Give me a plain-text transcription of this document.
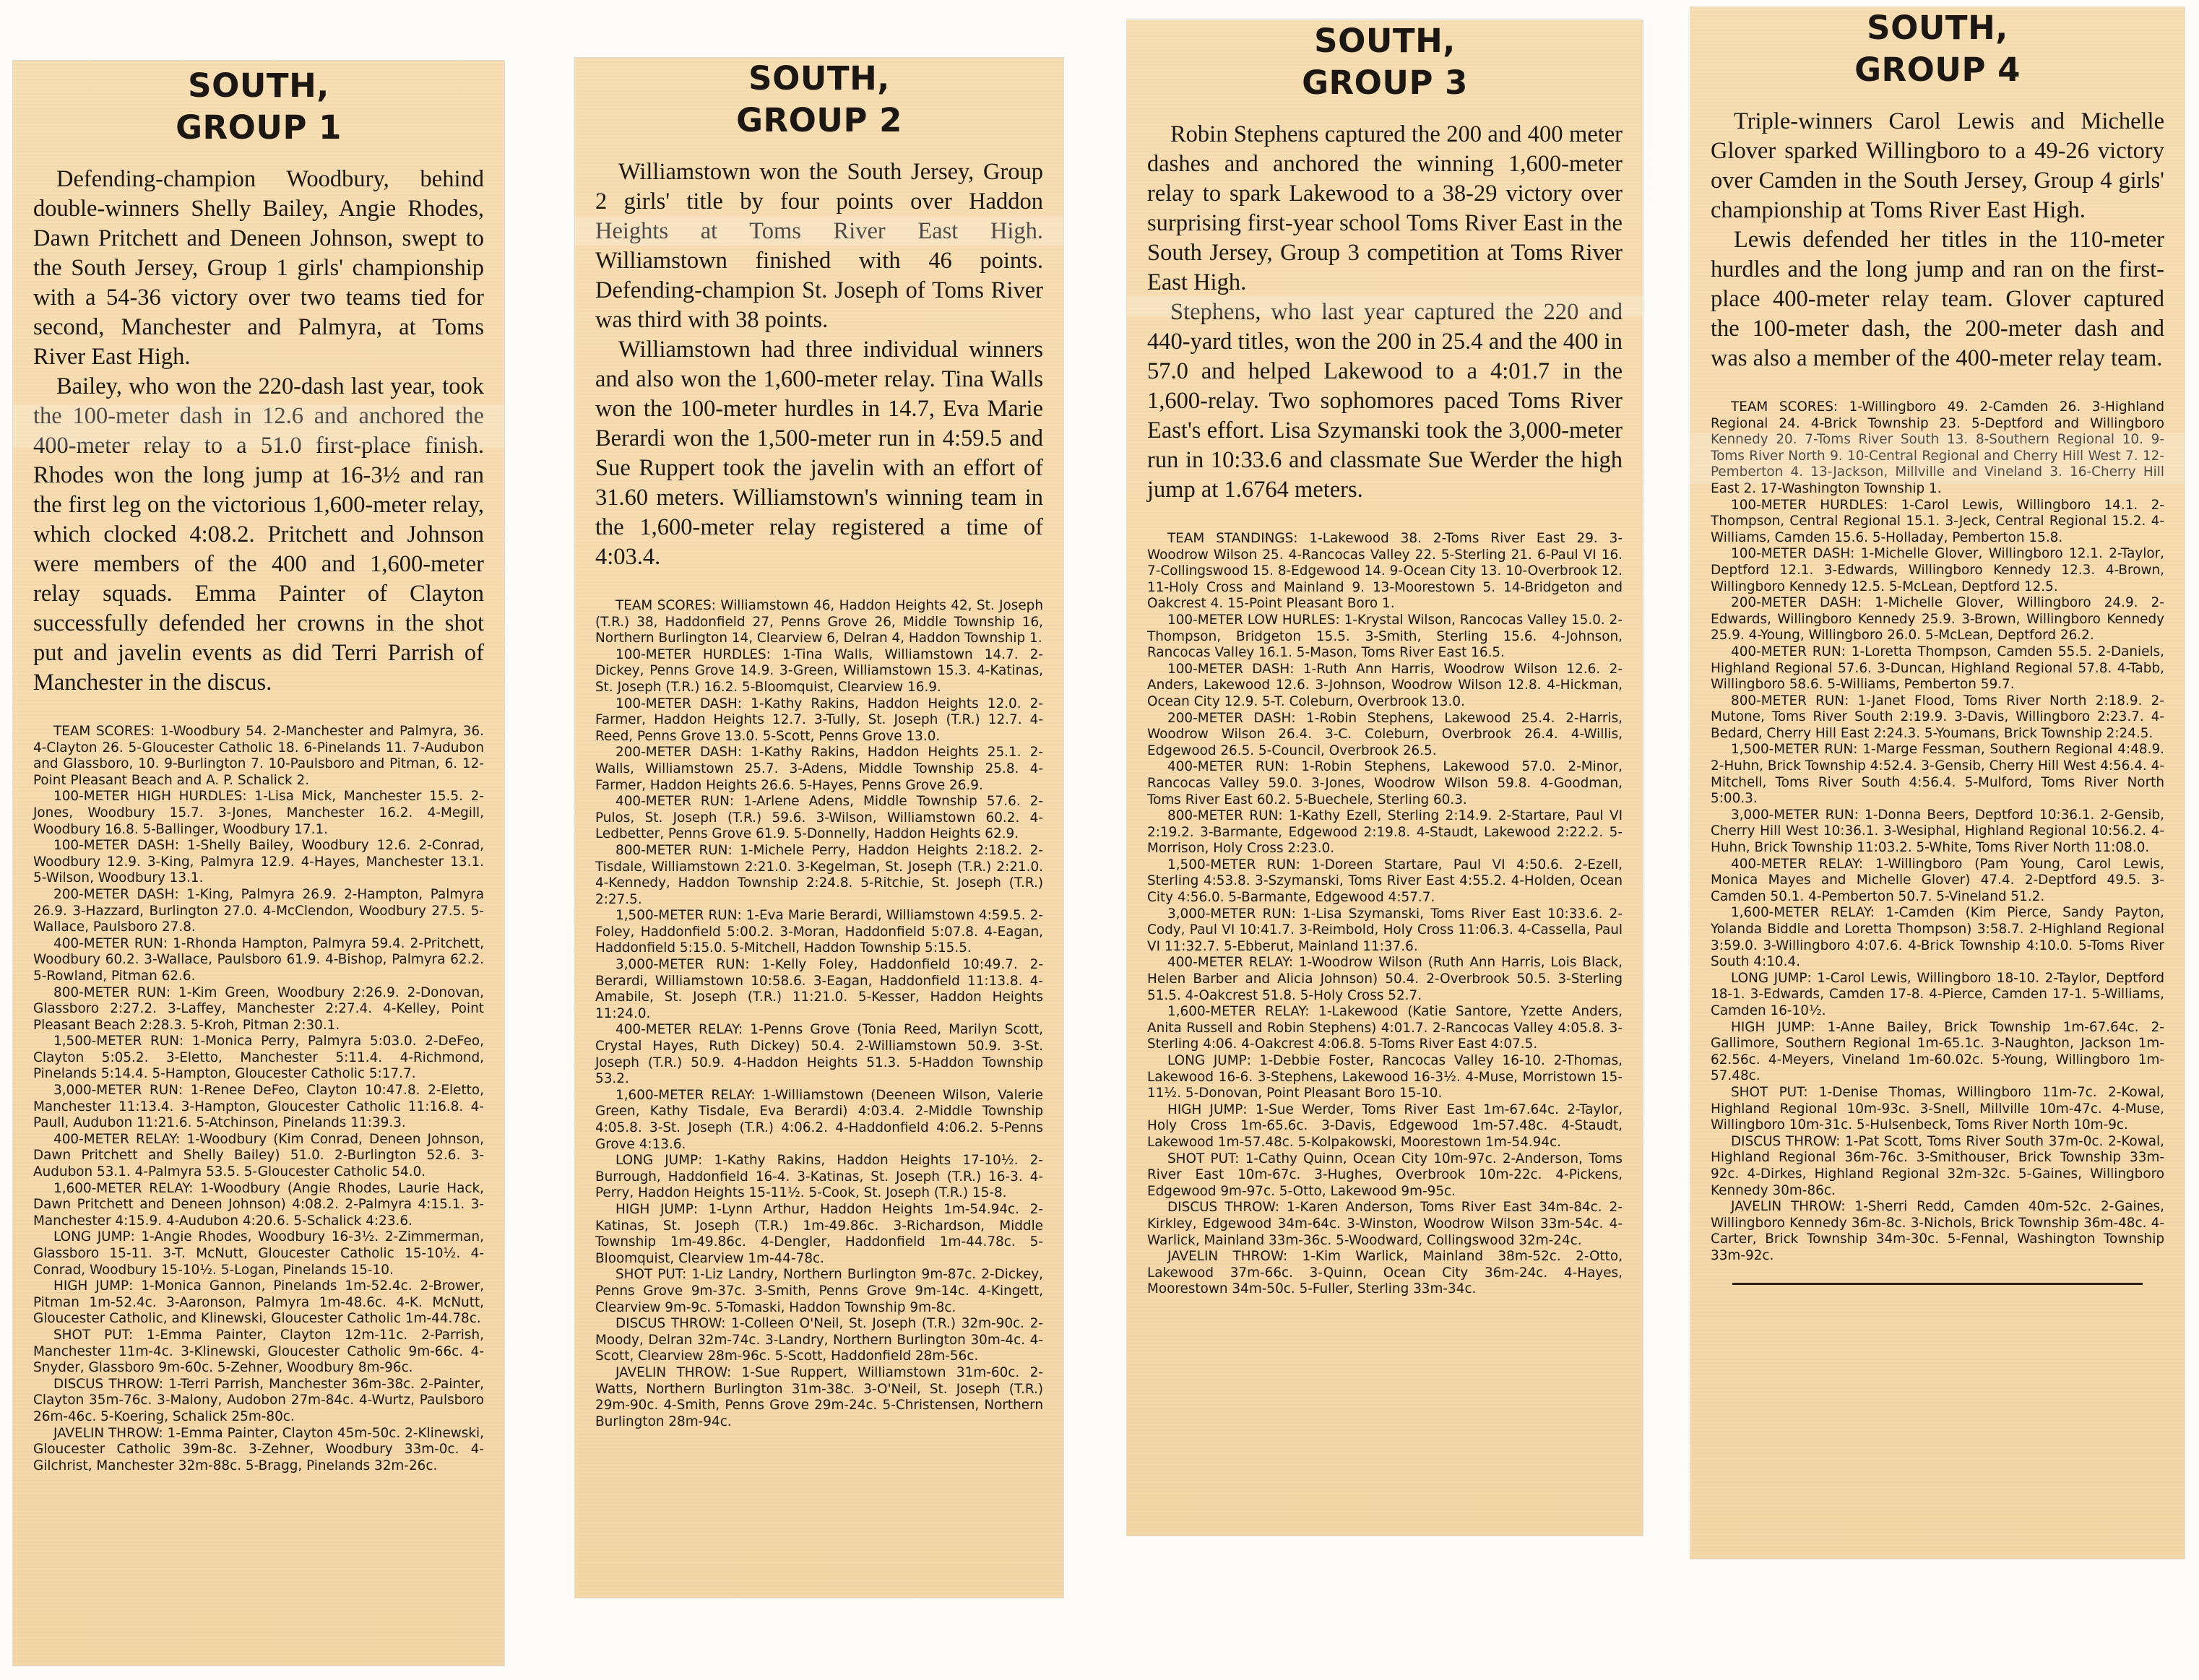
SOUTH,
GROUP 1

Defending-champion Woodbury, behind double-winners Shelly Bailey, Angie Rhodes, Dawn Pritchett and Deneen Johnson, swept to the South Jersey, Group 1 girls' championship with a 54-36 victory over two teams tied for second, Manchester and Palmyra, at Toms River East High.

Bailey, who won the 220-dash last year, took the 100-meter dash in 12.6 and anchored the 400-meter relay to a 51.0 first-place finish. Rhodes won the long jump at 16-3½ and ran the first leg on the victorious 1,600-meter relay, which clocked 4:08.2. Pritchett and Johnson were members of the 400 and 1,600-meter relay squads. Emma Painter of Clayton successfully defended her crowns in the shot put and javelin events as did Terri Parrish of Manchester in the discus.

TEAM SCORES: 1-Woodbury 54. 2-Manchester and Palmyra, 36. 4-Clayton 26. 5-Gloucester Catholic 18. 6-Pinelands 11. 7-Audubon and Glassboro, 10. 9-Burlington 7. 10-Paulsboro and Pitman, 6. 12-Point Pleasant Beach and A. P. Schalick 2.

100-METER HIGH HURDLES: 1-Lisa Mick, Manchester 15.5. 2-Jones, Woodbury 15.7. 3-Jones, Manchester 16.2. 4-Megill, Woodbury 16.8. 5-Ballinger, Woodbury 17.1.

100-METER DASH: 1-Shelly Bailey, Woodbury 12.6. 2-Conrad, Woodbury 12.9. 3-King, Palmyra 12.9. 4-Hayes, Manchester 13.1. 5-Wilson, Woodbury 13.1.

200-METER DASH: 1-King, Palmyra 26.9. 2-Hampton, Palmyra 26.9. 3-Hazzard, Burlington 27.0. 4-McClendon, Woodbury 27.5. 5-Wallace, Paulsboro 27.8.

400-METER RUN: 1-Rhonda Hampton, Palmyra 59.4. 2-Pritchett, Woodbury 60.2. 3-Wallace, Paulsboro 61.9. 4-Bishop, Palmyra 62.2. 5-Rowland, Pitman 62.6.

800-METER RUN: 1-Kim Green, Woodbury 2:26.9. 2-Donovan, Glassboro 2:27.2. 3-Laffey, Manchester 2:27.4. 4-Kelley, Point Pleasant Beach 2:28.3. 5-Kroh, Pitman 2:30.1.

1,500-METER RUN: 1-Monica Perry, Palmyra 5:03.0. 2-DeFeo, Clayton 5:05.2. 3-Eletto, Manchester 5:11.4. 4-Richmond, Pinelands 5:14.4. 5-Hampton, Gloucester Catholic 5:17.7.

3,000-METER RUN: 1-Renee DeFeo, Clayton 10:47.8. 2-Eletto, Manchester 11:13.4. 3-Hampton, Gloucester Catholic 11:16.8. 4-Paull, Audubon 11:21.6. 5-Atchinson, Pinelands 11:39.3.

400-METER RELAY: 1-Woodbury (Kim Conrad, Deneen Johnson, Dawn Pritchett and Shelly Bailey) 51.0. 2-Burlington 52.6. 3-Audubon 53.1. 4-Palmyra 53.5. 5-Gloucester Catholic 54.0.

1,600-METER RELAY: 1-Woodbury (Angie Rhodes, Laurie Hack, Dawn Pritchett and Deneen Johnson) 4:08.2. 2-Palmyra 4:15.1. 3-Manchester 4:15.9. 4-Audubon 4:20.6. 5-Schalick 4:23.6.

LONG JUMP: 1-Angie Rhodes, Woodbury 16-3½. 2-Zimmerman, Glassboro 15-11. 3-T. McNutt, Gloucester Catholic 15-10½. 4-Conrad, Woodbury 15-10½. 5-Logan, Pinelands 15-10.

HIGH JUMP: 1-Monica Gannon, Pinelands 1m-52.4c. 2-Brower, Pitman 1m-52.4c. 3-Aaronson, Palmyra 1m-48.6c. 4-K. McNutt, Gloucester Catholic, and Klinewski, Gloucester Catholic 1m-44.78c.

SHOT PUT: 1-Emma Painter, Clayton 12m-11c. 2-Parrish, Manchester 11m-4c. 3-Klinewski, Gloucester Catholic 9m-66c. 4-Snyder, Glassboro 9m-60c. 5-Zehner, Woodbury 8m-96c.

DISCUS THROW: 1-Terri Parrish, Manchester 36m-38c. 2-Painter, Clayton 35m-76c. 3-Malony, Audobon 27m-84c. 4-Wurtz, Paulsboro 26m-46c. 5-Koering, Schalick 25m-80c.

JAVELIN THROW: 1-Emma Painter, Clayton 45m-50c. 2-Klinewski, Gloucester Catholic 39m-8c. 3-Zehner, Woodbury 33m-0c. 4-Gilchrist, Manchester 32m-88c. 5-Bragg, Pinelands 32m-26c.

SOUTH,
GROUP 2

Williamstown won the South Jersey, Group 2 girls' title by four points over Haddon Heights at Toms River East High. Williamstown finished with 46 points. Defending-champion St. Joseph of Toms River was third with 38 points.

Williamstown had three individual winners and also won the 1,600-meter relay. Tina Walls won the 100-meter hurdles in 14.7, Eva Marie Berardi won the 1,500-meter run in 4:59.5 and Sue Ruppert took the javelin with an effort of 31.60 meters. Williamstown's winning team in the 1,600-meter relay registered a time of 4:03.4.

TEAM SCORES: Williamstown 46, Haddon Heights 42, St. Joseph (T.R.) 38, Haddonfield 27, Penns Grove 26, Middle Township 16, Northern Burlington 14, Clearview 6, Delran 4, Haddon Township 1.

100-METER HURDLES: 1-Tina Walls, Williamstown 14.7. 2-Dickey, Penns Grove 14.9. 3-Green, Williamstown 15.3. 4-Katinas, St. Joseph (T.R.) 16.2. 5-Bloomquist, Clearview 16.9.

100-METER DASH: 1-Kathy Rakins, Haddon Heights 12.0. 2-Farmer, Haddon Heights 12.7. 3-Tully, St. Joseph (T.R.) 12.7. 4-Reed, Penns Grove 13.0. 5-Scott, Penns Grove 13.0.

200-METER DASH: 1-Kathy Rakins, Haddon Heights 25.1. 2-Walls, Williamstown 25.7. 3-Adens, Middle Township 25.8. 4-Farmer, Haddon Heights 26.6. 5-Hayes, Penns Grove 26.9.

400-METER RUN: 1-Arlene Adens, Middle Township 57.6. 2-Pulos, St. Joseph (T.R.) 59.6. 3-Wilson, Williamstown 60.2. 4-Ledbetter, Penns Grove 61.9. 5-Donnelly, Haddon Heights 62.9.

800-METER RUN: 1-Michele Perry, Haddon Heights 2:18.2. 2-Tisdale, Williamstown 2:21.0. 3-Kegelman, St. Joseph (T.R.) 2:21.0. 4-Kennedy, Haddon Township 2:24.8. 5-Ritchie, St. Joseph (T.R.) 2:27.5.

1,500-METER RUN: 1-Eva Marie Berardi, Williamstown 4:59.5. 2-Foley, Haddonfield 5:00.2. 3-Moran, Haddonfield 5:07.8. 4-Eagan, Haddonfield 5:15.0. 5-Mitchell, Haddon Township 5:15.5.

3,000-METER RUN: 1-Kelly Foley, Haddonfield 10:49.7. 2-Berardi, Williamstown 10:58.6. 3-Eagan, Haddonfield 11:13.8. 4-Amabile, St. Joseph (T.R.) 11:21.0. 5-Kesser, Haddon Heights 11:24.0.

400-METER RELAY: 1-Penns Grove (Tonia Reed, Marilyn Scott, Crystal Hayes, Ruth Dickey) 50.4. 2-Williamstown 50.9. 3-St. Joseph (T.R.) 50.9. 4-Haddon Heights 51.3. 5-Haddon Township 53.2.

1,600-METER RELAY: 1-Williamstown (Deeneen Wilson, Valerie Green, Kathy Tisdale, Eva Berardi) 4:03.4. 2-Middle Township 4:05.8. 3-St. Joseph (T.R.) 4:06.2. 4-Haddonfield 4:06.2. 5-Penns Grove 4:13.6.

LONG JUMP: 1-Kathy Rakins, Haddon Heights 17-10½. 2-Burrough, Haddonfield 16-4. 3-Katinas, St. Joseph (T.R.) 16-3. 4-Perry, Haddon Heights 15-11½. 5-Cook, St. Joseph (T.R.) 15-8.

HIGH JUMP: 1-Lynn Arthur, Haddon Heights 1m-54.94c. 2-Katinas, St. Joseph (T.R.) 1m-49.86c. 3-Richardson, Middle Township 1m-49.86c. 4-Dengler, Haddonfield 1m-44.78c. 5-Bloomquist, Clearview 1m-44-78c.

SHOT PUT: 1-Liz Landry, Northern Burlington 9m-87c. 2-Dickey, Penns Grove 9m-37c. 3-Smith, Penns Grove 9m-14c. 4-Kingett, Clearview 9m-9c. 5-Tomaski, Haddon Township 9m-8c.

DISCUS THROW: 1-Colleen O'Neil, St. Joseph (T.R.) 32m-90c. 2-Moody, Delran 32m-74c. 3-Landry, Northern Burlington 30m-4c. 4-Scott, Clearview 28m-96c. 5-Scott, Haddonfield 28m-56c.

JAVELIN THROW: 1-Sue Ruppert, Williamstown 31m-60c. 2-Watts, Northern Burlington 31m-38c. 3-O'Neil, St. Joseph (T.R.) 29m-90c. 4-Smith, Penns Grove 29m-24c. 5-Christensen, Northern Burlington 28m-94c.

SOUTH,
GROUP 3

Robin Stephens captured the 200 and 400 meter dashes and anchored the winning 1,600-meter relay to spark Lakewood to a 38-29 victory over surprising first-year school Toms River East in the South Jersey, Group 3 competition at Toms River East High.

Stephens, who last year captured the 220 and 440-yard titles, won the 200 in 25.4 and the 400 in 57.0 and helped Lakewood to a 4:01.7 in the 1,600-relay. Two sophomores paced Toms River East's effort. Lisa Szymanski took the 3,000-meter run in 10:33.6 and classmate Sue Werder the high jump at 1.6764 meters.

TEAM STANDINGS: 1-Lakewood 38. 2-Toms River East 29. 3-Woodrow Wilson 25. 4-Rancocas Valley 22. 5-Sterling 21. 6-Paul VI 16. 7-Collingswood 15. 8-Edgewood 14. 9-Ocean City 13. 10-Overbrook 12. 11-Holy Cross and Mainland 9. 13-Moorestown 5. 14-Bridgeton and Oakcrest 4. 15-Point Pleasant Boro 1.

100-METER LOW HURLES: 1-Krystal Wilson, Rancocas Valley 15.0. 2-Thompson, Bridgeton 15.5. 3-Smith, Sterling 15.6. 4-Johnson, Rancocas Valley 16.1. 5-Mason, Toms River East 16.5.

100-METER DASH: 1-Ruth Ann Harris, Woodrow Wilson 12.6. 2-Anders, Lakewood 12.6. 3-Johnson, Woodrow Wilson 12.8. 4-Hickman, Ocean City 12.9. 5-T. Coleburn, Overbrook 13.0.

200-METER DASH: 1-Robin Stephens, Lakewood 25.4. 2-Harris, Woodrow Wilson 26.4. 3-C. Coleburn, Overbrook 26.4. 4-Willis, Edgewood 26.5. 5-Council, Overbrook 26.5.

400-METER RUN: 1-Robin Stephens, Lakewood 57.0. 2-Minor, Rancocas Valley 59.0. 3-Jones, Woodrow Wilson 59.8. 4-Goodman, Toms River East 60.2. 5-Buechele, Sterling 60.3.

800-METER RUN: 1-Kathy Ezell, Sterling 2:14.9. 2-Startare, Paul VI 2:19.2. 3-Barmante, Edgewood 2:19.8. 4-Staudt, Lakewood 2:22.2. 5-Morrison, Holy Cross 2:23.0.

1,500-METER RUN: 1-Doreen Startare, Paul VI 4:50.6. 2-Ezell, Sterling 4:53.8. 3-Szymanski, Toms River East 4:55.2. 4-Holden, Ocean City 4:56.0. 5-Barmante, Edgewood 4:57.7.

3,000-METER RUN: 1-Lisa Szymanski, Toms River East 10:33.6. 2-Cody, Paul VI 10:41.7. 3-Reimbold, Holy Cross 11:06.3. 4-Cassella, Paul VI 11:32.7. 5-Ebberut, Mainland 11:37.6.

400-METER RELAY: 1-Woodrow Wilson (Ruth Ann Harris, Lois Black, Helen Barber and Alicia Johnson) 50.4. 2-Overbrook 50.5. 3-Sterling 51.5. 4-Oakcrest 51.8. 5-Holy Cross 52.7.

1,600-METER RELAY: 1-Lakewood (Katie Santore, Yzette Anders, Anita Russell and Robin Stephens) 4:01.7. 2-Rancocas Valley 4:05.8. 3-Sterling 4:06. 4-Oakcrest 4:06.8. 5-Toms River East 4:07.5.

LONG JUMP: 1-Debbie Foster, Rancocas Valley 16-10. 2-Thomas, Lakewood 16-6. 3-Stephens, Lakewood 16-3½. 4-Muse, Morristown 15-11½. 5-Donovan, Point Pleasant Boro 15-10.

HIGH JUMP: 1-Sue Werder, Toms River East 1m-67.64c. 2-Taylor, Holy Cross 1m-65.6c. 3-Davis, Edgewood 1m-57.48c. 4-Staudt, Lakewood 1m-57.48c. 5-Kolpakowski, Moorestown 1m-54.94c.

SHOT PUT: 1-Cathy Quinn, Ocean City 10m-97c. 2-Anderson, Toms River East 10m-67c. 3-Hughes, Overbrook 10m-22c. 4-Pickens, Edgewood 9m-97c. 5-Otto, Lakewood 9m-95c.

DISCUS THROW: 1-Karen Anderson, Toms River East 34m-84c. 2-Kirkley, Edgewood 34m-64c. 3-Winston, Woodrow Wilson 33m-54c. 4-Warlick, Mainland 33m-36c. 5-Woodward, Collingswood 32m-24c.

JAVELIN THROW: 1-Kim Warlick, Mainland 38m-52c. 2-Otto, Lakewood 37m-66c. 3-Quinn, Ocean City 36m-24c. 4-Hayes, Moorestown 34m-50c. 5-Fuller, Sterling 33m-34c.

SOUTH,
GROUP 4

Triple-winners Carol Lewis and Michelle Glover sparked Willingboro to a 49-26 victory over Camden in the South Jersey, Group 4 girls' championship at Toms River East High.

Lewis defended her titles in the 110-meter hurdles and the long jump and ran on the first-place 400-meter relay team. Glover captured the 100-meter dash, the 200-meter dash and was also a member of the 400-meter relay team.

TEAM SCORES: 1-Willingboro 49. 2-Camden 26. 3-Highland Regional 24. 4-Brick Township 23. 5-Deptford and Willingboro Kennedy 20. 7-Toms River South 13. 8-Southern Regional 10. 9-Toms River North 9. 10-Central Regional and Cherry Hill West 7. 12-Pemberton 4. 13-Jackson, Millville and Vineland 3. 16-Cherry Hill East 2. 17-Washington Township 1.

100-METER HURDLES: 1-Carol Lewis, Willingboro 14.1. 2-Thompson, Central Regional 15.1. 3-Jeck, Central Regional 15.2. 4-Williams, Camden 15.6. 5-Holladay, Pemberton 15.8.

100-METER DASH: 1-Michelle Glover, Willingboro 12.1. 2-Taylor, Deptford 12.1. 3-Edwards, Willingboro Kennedy 12.3. 4-Brown, Willingboro Kennedy 12.5. 5-McLean, Deptford 12.5.

200-METER DASH: 1-Michelle Glover, Willingboro 24.9. 2-Edwards, Willingboro Kennedy 25.9. 3-Brown, Willingboro Kennedy 25.9. 4-Young, Willingboro 26.0. 5-McLean, Deptford 26.2.

400-METER RUN: 1-Loretta Thompson, Camden 55.5. 2-Daniels, Highland Regional 57.6. 3-Duncan, Highland Regional 57.8. 4-Tabb, Willingboro 58.6. 5-Williams, Pemberton 59.7.

800-METER RUN: 1-Janet Flood, Toms River North 2:18.9. 2-Mutone, Toms River South 2:19.9. 3-Davis, Willingboro 2:23.7. 4-Bedard, Cherry Hill East 2:24.3. 5-Youmans, Brick Township 2:24.5.

1,500-METER RUN: 1-Marge Fessman, Southern Regional 4:48.9. 2-Huhn, Brick Township 4:52.4. 3-Gensib, Cherry Hill West 4:56.4. 4-Mitchell, Toms River South 4:56.4. 5-Mulford, Toms River North 5:00.3.

3,000-METER RUN: 1-Donna Beers, Deptford 10:36.1. 2-Gensib, Cherry Hill West 10:36.1. 3-Wesiphal, Highland Regional 10:56.2. 4-Huhn, Brick Township 11:03.2. 5-White, Toms River North 11:08.0.

400-METER RELAY: 1-Willingboro (Pam Young, Carol Lewis, Monica Mayes and Michelle Glover) 47.4. 2-Deptford 49.5. 3-Camden 50.1. 4-Pemberton 50.7. 5-Vineland 51.2.

1,600-METER RELAY: 1-Camden (Kim Pierce, Sandy Payton, Yolanda Biddle and Loretta Thompson) 3:58.7. 2-Highland Regional 3:59.0. 3-Willingboro 4:07.6. 4-Brick Township 4:10.0. 5-Toms River South 4:10.4.

LONG JUMP: 1-Carol Lewis, Willingboro 18-10. 2-Taylor, Deptford 18-1. 3-Edwards, Camden 17-8. 4-Pierce, Camden 17-1. 5-Williams, Camden 16-10½.

HIGH JUMP: 1-Anne Bailey, Brick Township 1m-67.64c. 2-Gallimore, Southern Regional 1m-65.1c. 3-Naughton, Jackson 1m-62.56c. 4-Meyers, Vineland 1m-60.02c. 5-Young, Willingboro 1m-57.48c.

SHOT PUT: 1-Denise Thomas, Willingboro 11m-7c. 2-Kowal, Highland Regional 10m-93c. 3-Snell, Millville 10m-47c. 4-Muse, Willingboro 10m-31c. 5-Hulsenbeck, Toms River North 10m-9c.

DISCUS THROW: 1-Pat Scott, Toms River South 37m-0c. 2-Kowal, Highland Regional 36m-76c. 3-Smithouser, Brick Township 33m-92c. 4-Dirkes, Highland Regional 32m-32c. 5-Gaines, Willingboro Kennedy 30m-86c.

JAVELIN THROW: 1-Sherri Redd, Camden 40m-52c. 2-Gaines, Willingboro Kennedy 36m-8c. 3-Nichols, Brick Township 36m-48c. 4-Carter, Brick Township 34m-30c. 5-Fennal, Washington Township 33m-92c.
